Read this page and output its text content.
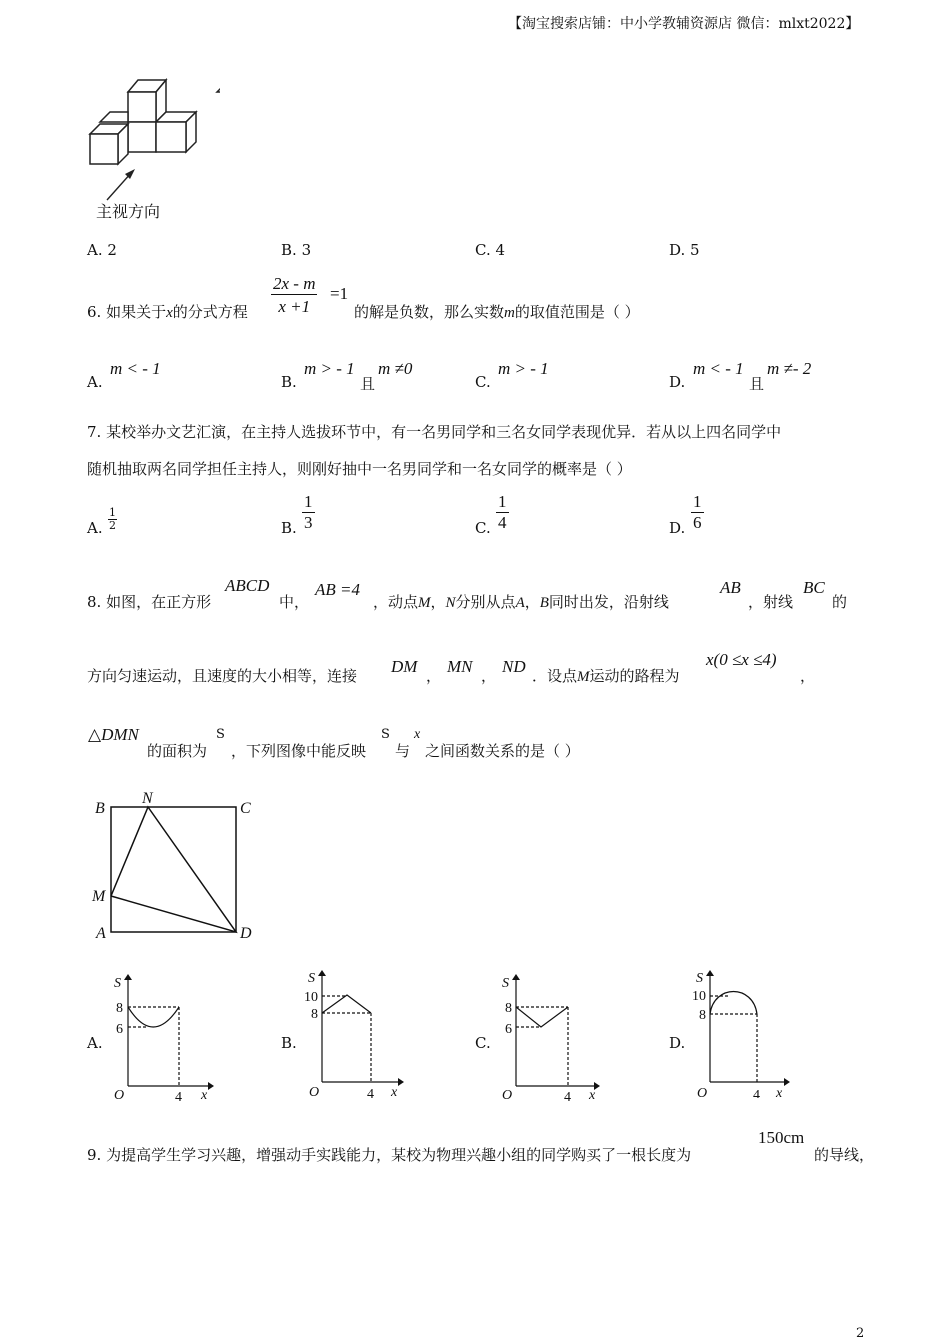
【淘宝搜索店铺：中小学教辅资源店 微信：mlxt2022】
主视方向
A. 2	B. 3	C. 4	D. 5
6. 如果关于x的分式方程
2x - m
x +1
=1
的解是负数，那么实数m的取值范围是（ ）
A.
m < - 1
B.
m > - 1
且
m ≠0
C.
m > - 1
D.
m < - 1
且
m ≠- 2
7. 某校举办文艺汇演，在主持人选拔环节中，有一名男同学和三名女同学表现优异．若从以上四名同学中
随机抽取两名同学担任主持人，则刚好抽中一名男同学和一名女同学的概率是（ ）
A.
1
2	B.
1
3	C.
1
4	D.
1
6
8. 如图，在正方形
ABCD
中，
AB =4
，动点M，N分别从点A，B同时出发，沿射线
AB
，射线
BC
的
方向匀速运动，且速度的大小相等，连接 DM ， MN ， ND ．设点M运动的路程为
x(0 ≤x ≤4)
，
△DMN
的面积为
S
，下列图像中能反映
S
与
x
之间函数关系的是（ ）
B
N
C
M
A	D
A.
S
8
6
O	4 x
B.
S
10
8
O	4 x
C.
S
8
6
O	4 x
D.
S
10
8
O	4 x
9. 为提高学生学习兴趣，增强动手实践能力，某校为物理兴趣小组的同学购买了一根长度为
150cm
的导线，
2
